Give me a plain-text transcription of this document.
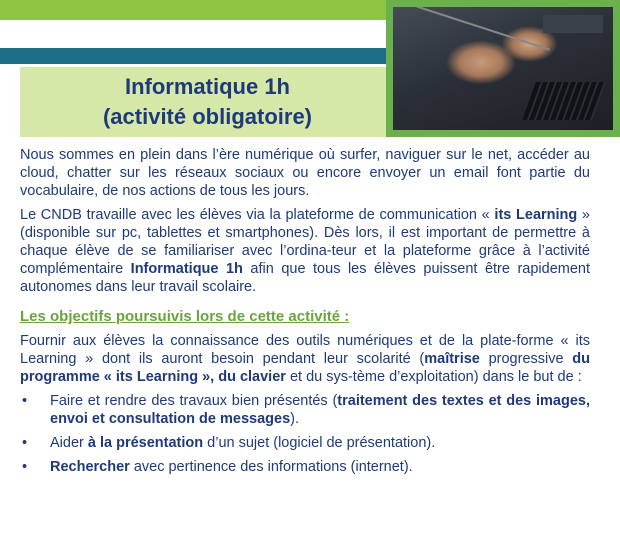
Informatique 1h
(activité obligatoire)

Nous sommes en plein dans l’ère numérique où surfer, naviguer sur le net, accéder au cloud, chatter sur les réseaux sociaux ou encore envoyer un email font partie du vocabulaire, de nos actions de tous les jours.

Le CNDB travaille avec les élèves via la plateforme de communication « its Learning » (disponible sur pc, tablettes et smartphones). Dès lors, il est important de permettre à chaque élève de se familiariser avec l’ordina-teur et la plateforme grâce à l’activité complémentaire Informatique 1h afin que tous les élèves puissent être rapidement autonomes dans leur travail scolaire.

Les objectifs poursuivis lors de cette activité :

Fournir aux élèves la connaissance des outils numériques et de la plate-forme « its Learning » dont ils auront besoin pendant leur scolarité (maîtrise progressive du programme « its Learning », du clavier et du sys-tème d’exploitation) dans le but de :

• Faire et rendre des travaux bien présentés (traitement des textes et des images, envoi et consultation de messages).
• Aider à la présentation d’un sujet (logiciel de présentation).
• Rechercher avec pertinence des informations (internet).
